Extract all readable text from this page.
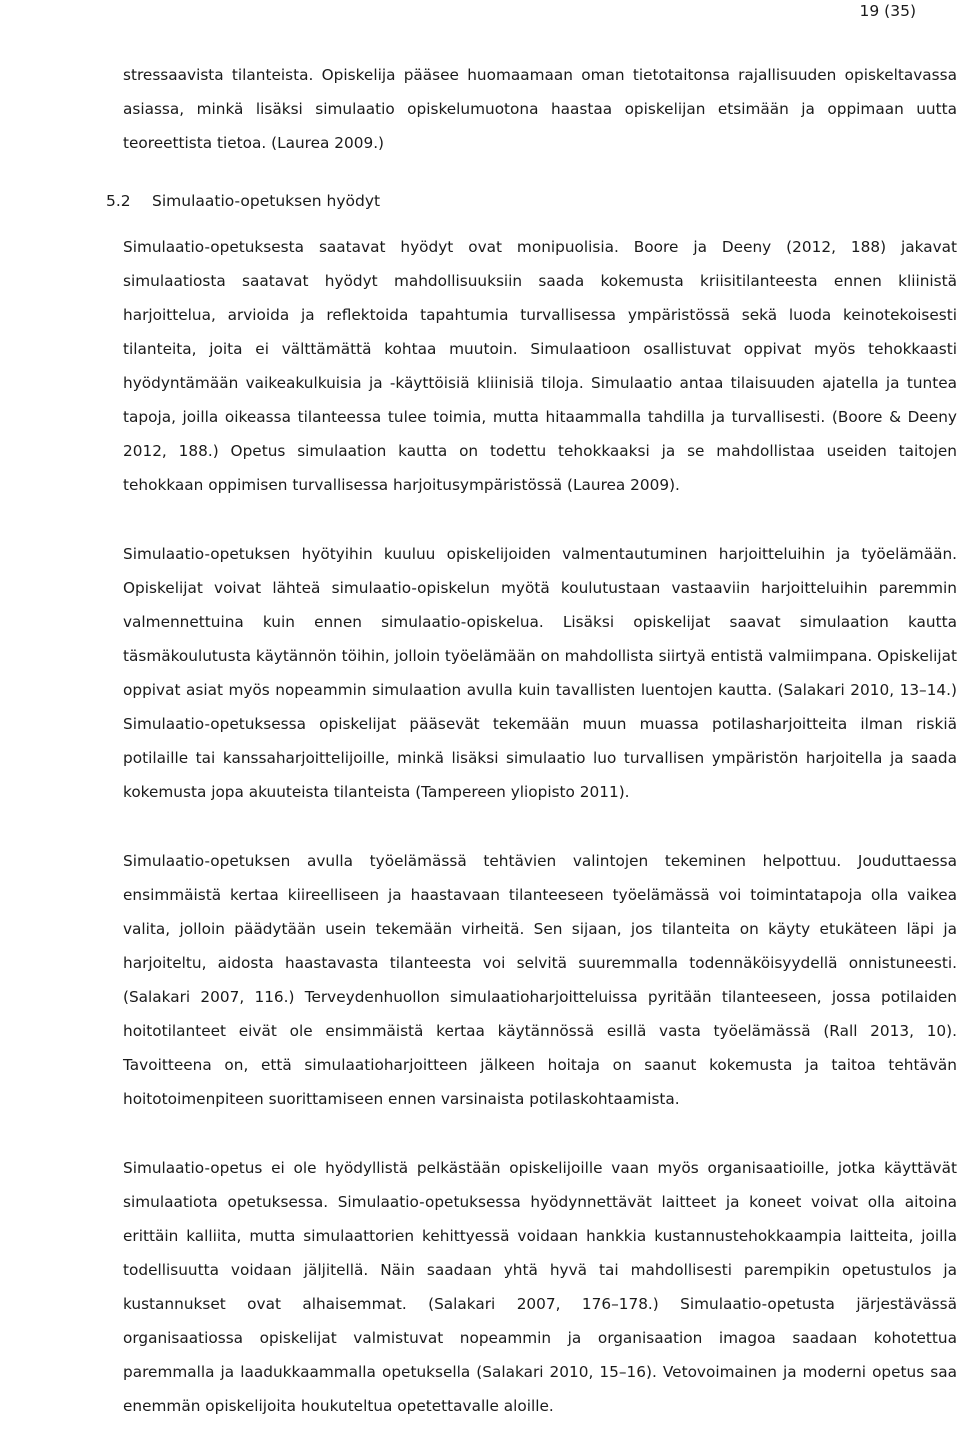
19 (35)

stressaavista tilanteista. Opiskelija pääsee huomaamaan oman tietotaitonsa rajallisuuden opiskeltavassa asiassa, minkä lisäksi simulaatio opiskelumuotona haastaa opiskelijan etsimään ja oppimaan uutta teoreettista tietoa. (Laurea 2009.)

5.2 Simulaatio-opetuksen hyödyt

Simulaatio-opetuksesta saatavat hyödyt ovat monipuolisia. Boore ja Deeny (2012, 188) jakavat simulaatiosta saatavat hyödyt mahdollisuuksiin saada kokemusta kriisitilanteesta ennen kliinistä harjoittelua, arvioida ja reflektoida tapahtumia turvallisessa ympäristössä sekä luoda keinotekoisesti tilanteita, joita ei välttämättä kohtaa muutoin. Simulaatioon osallistuvat oppivat myös tehokkaasti hyödyntämään vaikeakulkuisia ja -käyttöisiä kliinisiä tiloja. Simulaatio antaa tilaisuuden ajatella ja tuntea tapoja, joilla oikeassa tilanteessa tulee toimia, mutta hitaammalla tahdilla ja turvallisesti. (Boore & Deeny 2012, 188.) Opetus simulaation kautta on todettu tehokkaaksi ja se mahdollistaa useiden taitojen tehokkaan oppimisen turvallisessa harjoitusympäristössä (Laurea 2009).

Simulaatio-opetuksen hyötyihin kuuluu opiskelijoiden valmentautuminen harjoitteluihin ja työelämään. Opiskelijat voivat lähteä simulaatio-opiskelun myötä koulutustaan vastaaviin harjoitteluihin paremmin valmennettuina kuin ennen simulaatio-opiskelua. Lisäksi opiskelijat saavat simulaation kautta täsmäkoulutusta käytännön töihin, jolloin työelämään on mahdollista siirtyä entistä valmiimpana. Opiskelijat oppivat asiat myös nopeammin simulaation avulla kuin tavallisten luentojen kautta. (Salakari 2010, 13–14.) Simulaatio-opetuksessa opiskelijat pääsevät tekemään muun muassa potilasharjoitteita ilman riskiä potilaille tai kanssaharjoittelijoille, minkä lisäksi simulaatio luo turvallisen ympäristön harjoitella ja saada kokemusta jopa akuuteista tilanteista (Tampereen yliopisto 2011).

Simulaatio-opetuksen avulla työelämässä tehtävien valintojen tekeminen helpottuu. Jouduttaessa ensimmäistä kertaa kiireelliseen ja haastavaan tilanteeseen työelämässä voi toimintatapoja olla vaikea valita, jolloin päädytään usein tekemään virheitä. Sen sijaan, jos tilanteita on käyty etukäteen läpi ja harjoiteltu, aidosta haastavasta tilanteesta voi selvitä suuremmalla todennäköisyydellä onnistuneesti. (Salakari 2007, 116.) Terveydenhuollon simulaatioharjoitteluissa pyritään tilanteeseen, jossa potilaiden hoitotilanteet eivät ole ensimmäistä kertaa käytännössä esillä vasta työelämässä (Rall 2013, 10). Tavoitteena on, että simulaatioharjoitteen jälkeen hoitaja on saanut kokemusta ja taitoa tehtävän hoitotoimenpiteen suorittamiseen ennen varsinaista potilaskohtaamista.

Simulaatio-opetus ei ole hyödyllistä pelkästään opiskelijoille vaan myös organisaatioille, jotka käyttävät simulaatiota opetuksessa. Simulaatio-opetuksessa hyödynnettävät laitteet ja koneet voivat olla aitoina erittäin kalliita, mutta simulaattorien kehittyessä voidaan hankkia kustannustehokkaampia laitteita, joilla todellisuutta voidaan jäljitellä. Näin saadaan yhtä hyvä tai mahdollisesti parempikin opetustulos ja kustannukset ovat alhaisemmat. (Salakari 2007, 176–178.) Simulaatio-opetusta järjestävässä organisaatiossa opiskelijat valmistuvat nopeammin ja organisaation imagoa saadaan kohotettua paremmalla ja laadukkaammalla opetuksella (Salakari 2010, 15–16). Vetovoimainen ja moderni opetus saa enemmän opiskelijoita houkuteltua opetettavalle aloille.
